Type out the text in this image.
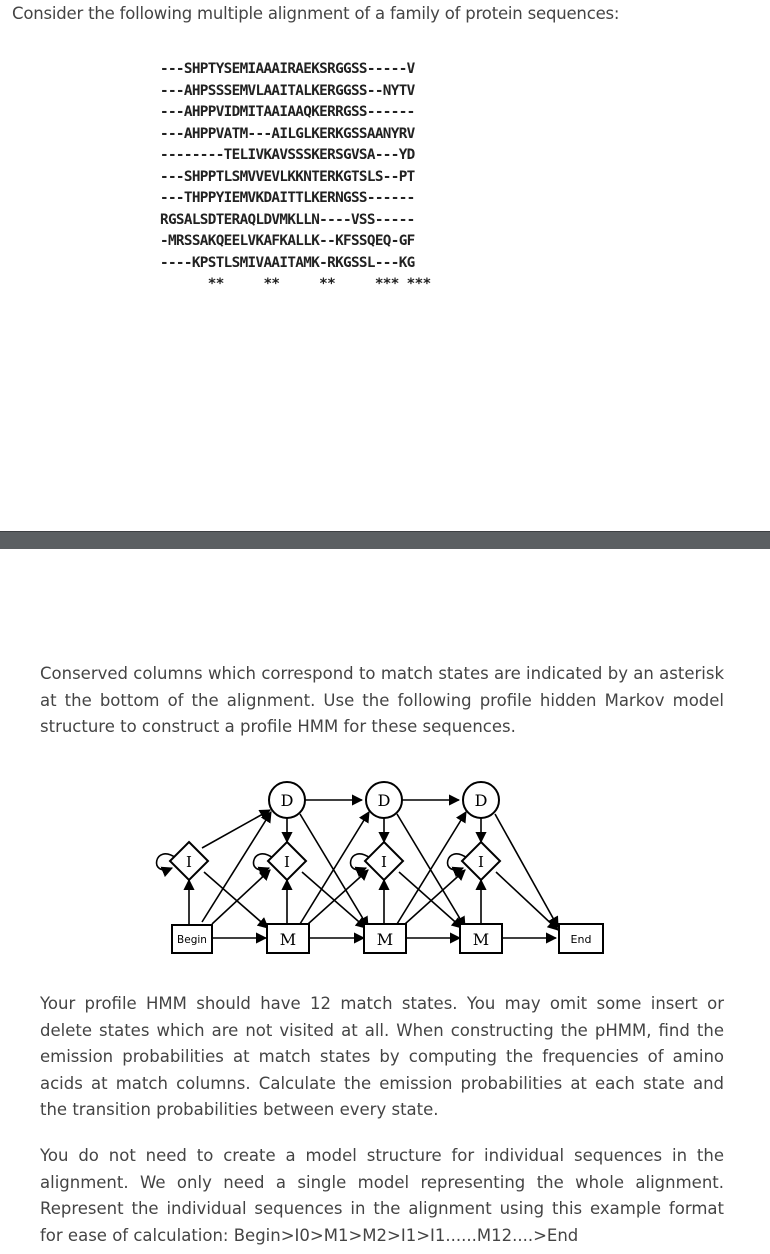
Consider the following multiple alignment of a family of protein sequences:
---SHPTYSEMIAAAIRAEKSRGGSS-----V
---AHPSSSEMVLAAITALKERGGSS--NYTV
---AHPPVIDMITAAIAAQKERRGSS------
---AHPPVATM---AILGLKERKGSSAANYRV
--------TELIVKAVSSSKERSGVSA---YD
---SHPPTLSMVVEVLKKNTERKGTSLS--PT
---THPPYIEMVKDAITTLKERNGSS------
RGSALSDTERAQLDVMKLLN----VSS-----
-MRSSAKQEELVKAFKALLK--KFSSQEQ-GF
----KPSTLSMIVAAITAMK-RKGSSL---KG
**     **     **     *** ***

Conserved columns which correspond to match states are indicated by an asterisk at the bottom of the alignment. Use the following profile hidden Markov model structure to construct a profile HMM for these sequences.

D	D	D
I	I	I	I
Begin	M	M	M	End

Your profile HMM should have 12 match states. You may omit some insert or delete states which are not visited at all. When constructing the pHMM, find the emission probabilities at match states by computing the frequencies of amino acids at match columns. Calculate the emission probabilities at each state and the transition probabilities between every state.

You do not need to create a model structure for individual sequences in the alignment. We only need a single model representing the whole alignment. Represent the individual sequences in the alignment using this example format for ease of calculation: Begin>I0>M1>M2>I1>I1......M12....>End
